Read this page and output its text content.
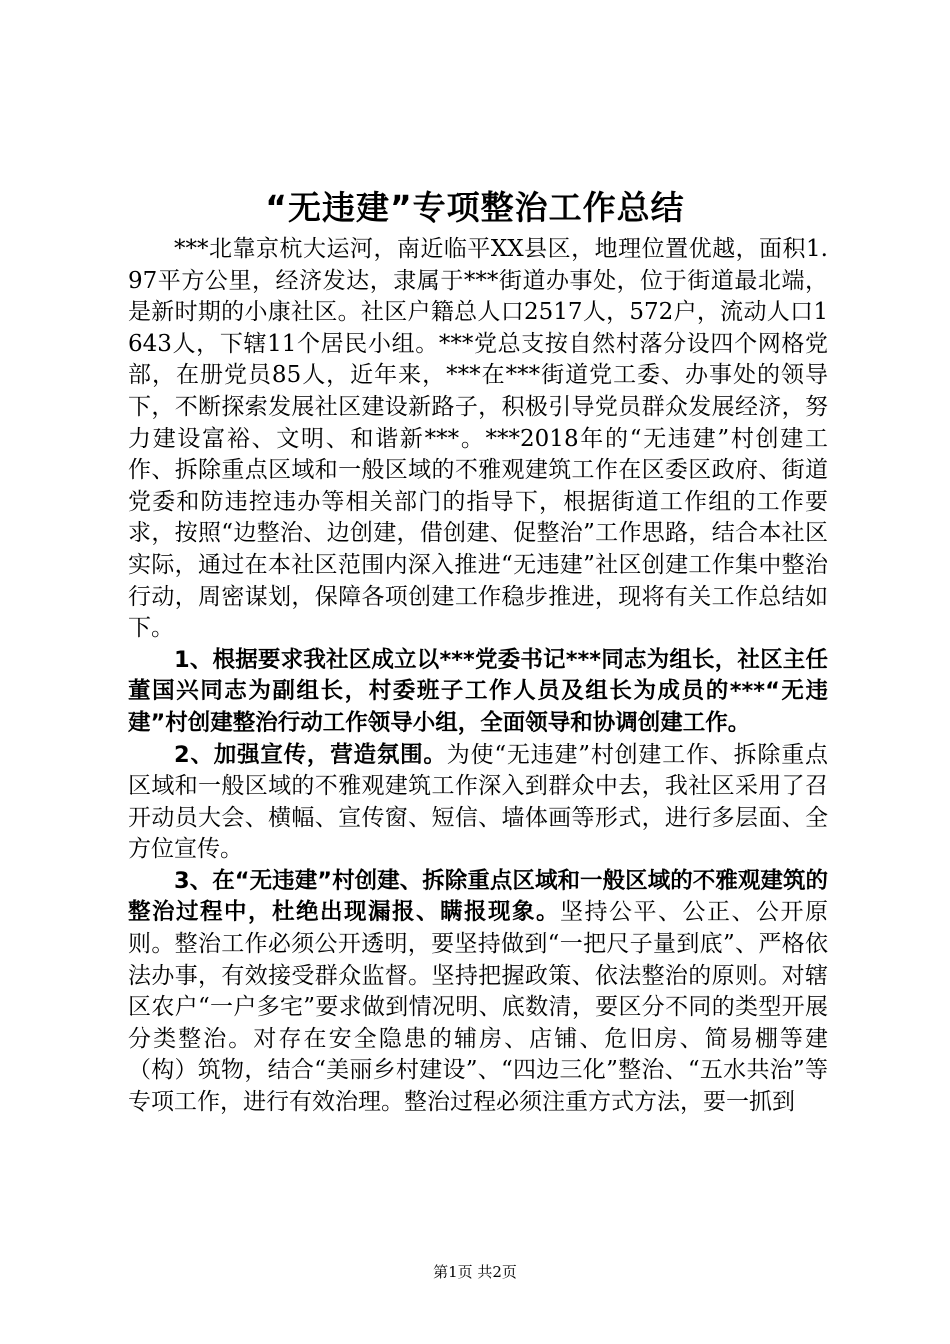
“无违建”专项整治工作总结

***北靠京杭大运河，南近临平XX县区，地理位置优越，面积1.97平方公里，经济发达，隶属于***街道办事处，位于街道最北端，是新时期的小康社区。社区户籍总人口2517人，572户，流动人口1643人，下辖11个居民小组。***党总支按自然村落分设四个网格党部，在册党员85人，近年来，***在***街道党工委、办事处的领导下，不断探索发展社区建设新路子，积极引导党员群众发展经济，努力建设富裕、文明、和谐新***。***2018年的“无违建”村创建工作、拆除重点区域和一般区域的不雅观建筑工作在区委区政府、街道党委和防违控违办等相关部门的指导下，根据街道工作组的工作要求，按照“边整治、边创建，借创建、促整治”工作思路，结合本社区实际，通过在本社区范围内深入推进“无违建”社区创建工作集中整治行动，周密谋划，保障各项创建工作稳步推进，现将有关工作总结如下。

1、根据要求我社区成立以***党委书记***同志为组长，社区主任董国兴同志为副组长，村委班子工作人员及组长为成员的***“无违建”村创建整治行动工作领导小组，全面领导和协调创建工作。

2、加强宣传，营造氛围。为使“无违建”村创建工作、拆除重点区域和一般区域的不雅观建筑工作深入到群众中去，我社区采用了召开动员大会、横幅、宣传窗、短信、墙体画等形式，进行多层面、全方位宣传。

3、在“无违建”村创建、拆除重点区域和一般区域的不雅观建筑的整治过程中，杜绝出现漏报、瞒报现象。坚持公平、公正、公开原则。整治工作必须公开透明，要坚持做到“一把尺子量到底”、严格依法办事，有效接受群众监督。坚持把握政策、依法整治的原则。对辖区农户“一户多宅”要求做到情况明、底数清，要区分不同的类型开展分类整治。对存在安全隐患的辅房、店铺、危旧房、简易棚等建（构）筑物，结合“美丽乡村建设”、“四边三化”整治、“五水共治”等专项工作，进行有效治理。整治过程必须注重方式方法，要一抓到

第1页 共2页
